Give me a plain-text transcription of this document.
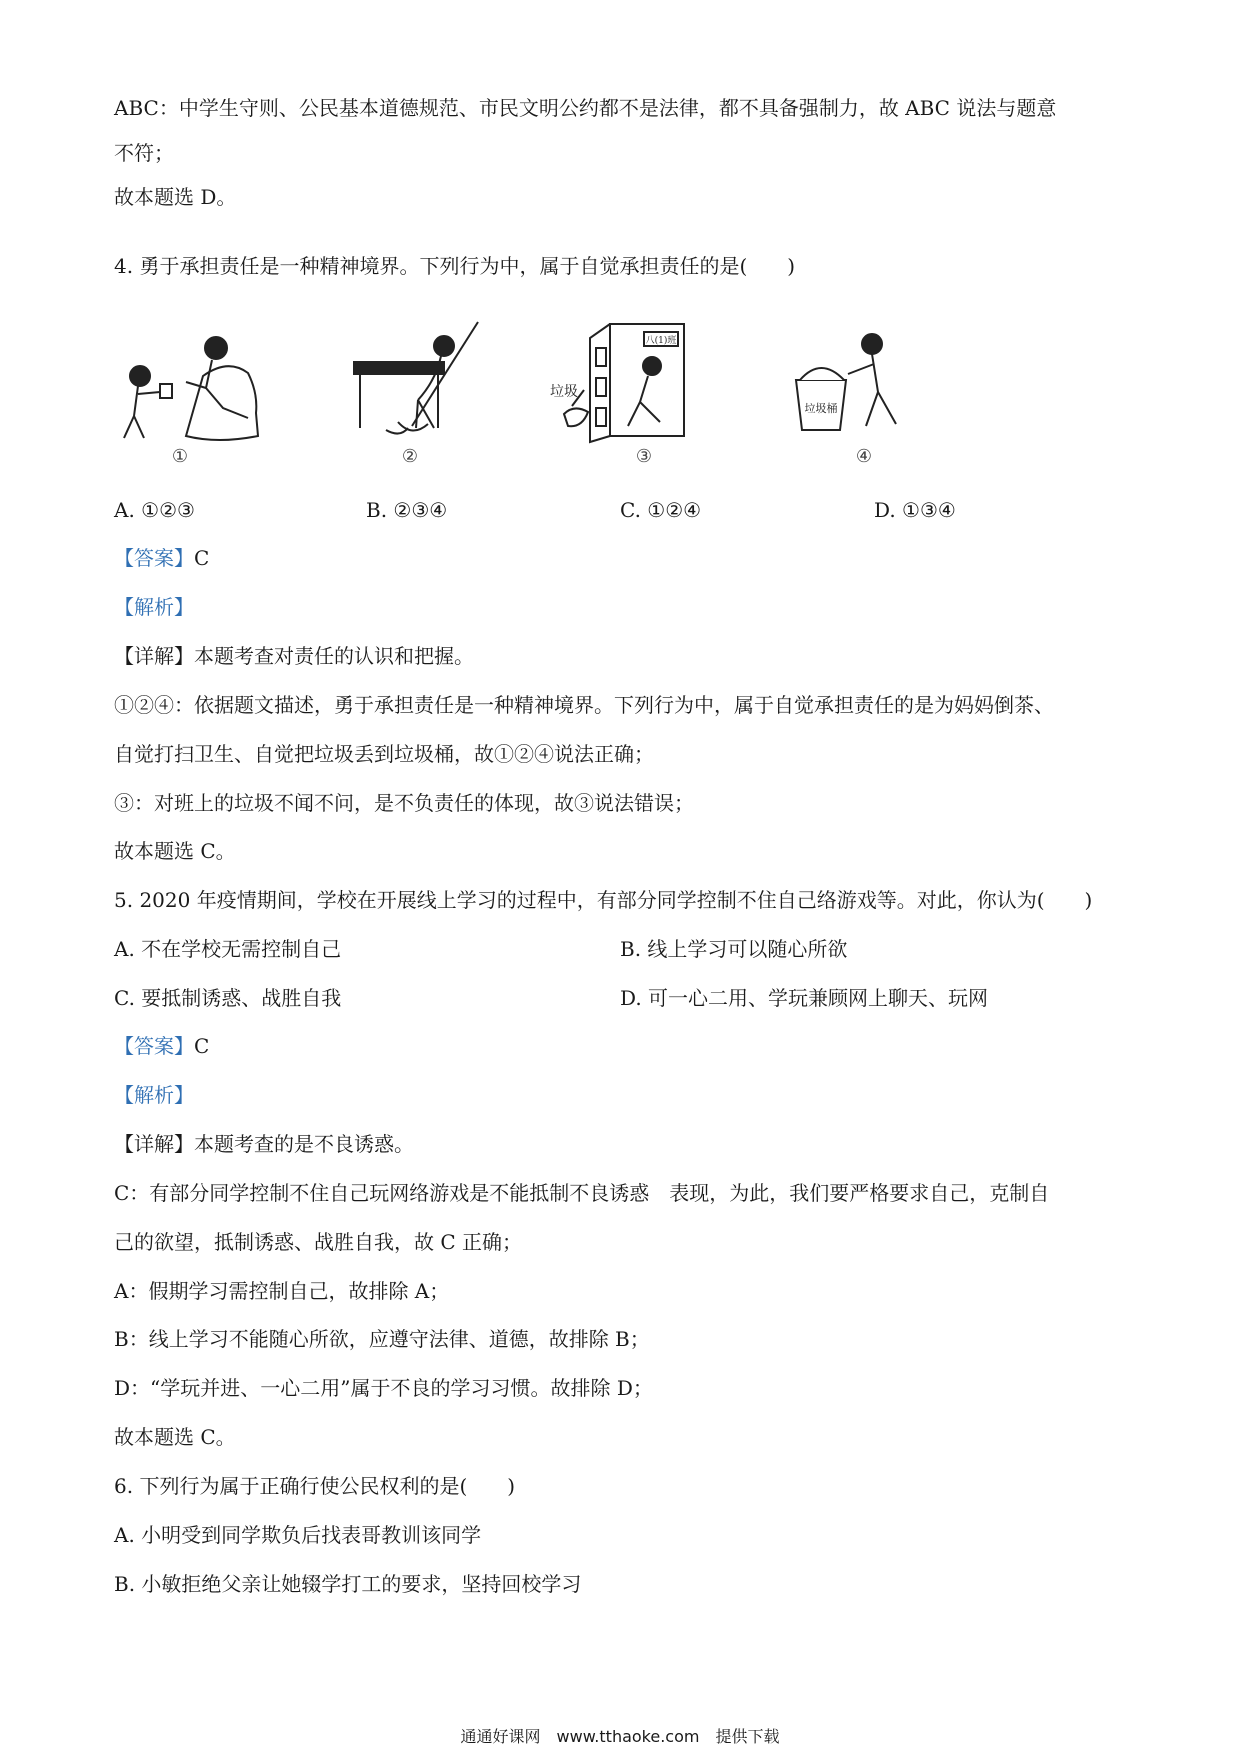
ABC：中学生守则、公民基本道德规范、市民文明公约都不是法律，都不具备强制力，故 ABC 说法与题意
不符；
故本题选 D。
4. 勇于承担责任是一种精神境界。下列行为中，属于自觉承担责任的是(　　)
①	②
八(1)班
垃圾
③
垃圾桶
④
A. ①②③	B. ②③④	C. ①②④	D. ①③④
【答案】C
【解析】
【详解】本题考查对责任的认识和把握。
①②④：依据题文描述，勇于承担责任是一种精神境界。下列行为中，属于自觉承担责任的是为妈妈倒茶、
自觉打扫卫生、自觉把垃圾丢到垃圾桶，故①②④说法正确；
③：对班上的垃圾不闻不问，是不负责任的体现，故③说法错误；
故本题选 C。
5. 2020 年疫情期间，学校在开展线上学习的过程中，有部分同学控制不住自己络游戏等。对此，你认为(　　)
A. 不在学校无需控制自己	B. 线上学习可以随心所欲
C. 要抵制诱惑、战胜自我	D. 可一心二用、学玩兼顾网上聊天、玩网
【答案】C
【解析】
【详解】本题考查的是不良诱惑。
C：有部分同学控制不住自己玩网络游戏是不能抵制不良诱惑　表现，为此，我们要严格要求自己，克制自
己的欲望，抵制诱惑、战胜自我，故 C 正确；
A：假期学习需控制自己，故排除 A；
B：线上学习不能随心所欲，应遵守法律、道德，故排除 B；
D：“学玩并进、一心二用”属于不良的学习习惯。故排除 D；
故本题选 C。
6. 下列行为属于正确行使公民权利的是(　　)
A. 小明受到同学欺负后找表哥教训该同学
B. 小敏拒绝父亲让她辍学打工的要求，坚持回校学习
通通好课网　www.tthaoke.com　提供下载
